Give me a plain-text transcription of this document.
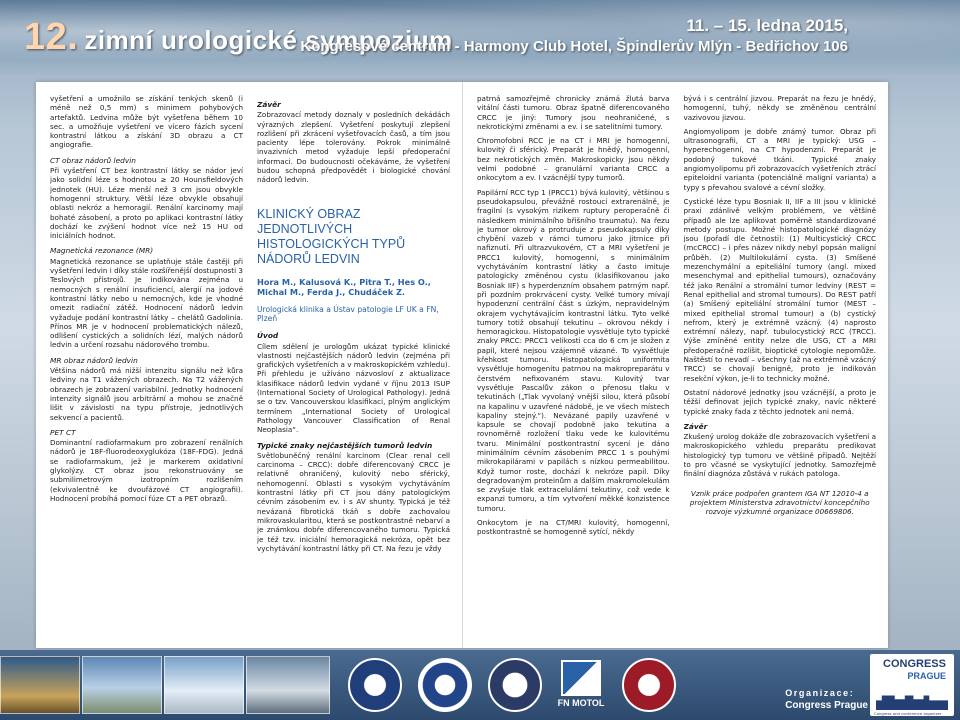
12. zimní urologické sympozium	11. – 15. ledna 2015,
Kongresové centrum - Harmony Club Hotel, Špindlerův Mlýn - Bedřichov 106

vyšetření a umožnilo se získání tenkých skenů (i méně než 0,5 mm) s minimem pohybových artefaktů. Ledvina může být vyšetřena během 10 sec. a umožňuje vyšetření ve vícero fázích sycení kontrastní látkou a získání 3D obrazu a CT angiografie.

CT obraz nádorů ledvin

Při vyšetření CT bez kontrastní látky se nádor jeví jako solidní léze s hodnotou ≥ 20 Hounsfieldových jednotek (HU). Léze menší než 3 cm jsou obvykle homogenní struktury. Větší léze obvykle obsahují oblasti nekróz a hemoragií. Renální karcinomy mají bohaté zásobení, a proto po aplikaci kontrastní látky dochází ke zvýšení hodnot více než 15 HU od iniciálních hodnot.

Magnetická rezonance (MR)

Magnetická rezonance se uplatňuje stále častěji při vyšetření ledvin i díky stále rozšířenější dostupnosti 3 Teslových přístrojů. Je indikována zejména u nemocných s renální insuficiencí, alergií na jodové kontrastní látky nebo u nemocných, kde je vhodné omezit radiační zátěž. Hodnocení nádorů ledvin vyžaduje podání kontrastní látky – chelátů Gadolinia. Přínos MR je v hodnocení problematických nálezů, odlišení cystických a solidních lézí, malých nádorů ledvin a určení rozsahu nádorového trombu.

MR obraz nádorů ledvin

Většina nádorů má nižší intenzitu signálu než kůra ledviny na T1 vážených obrazech. Na T2 vážených obrazech je zobrazení variabilní. Jednotky hodnocení intenzity signálů jsou arbitrární a mohou se značně lišit v závislosti na typu přístroje, jednotlivých sekvencí a pacientů.

PET CT

Dominantní radiofarmakum pro zobrazení renálních nádorů je 18F-fluorodeoxyglukóza (18F-FDG). Jedná se radiofarmakum, jež je markerem oxidativní glykolýzy. CT obraz jsou rekonstruovány se submilimetrovým izotropním rozlišením (ekvivalentně ke dvoufázové CT angiografii). Hodnocení probíhá pomocí fúze CT a PET obrazů.

Závěr

Zobrazovací metody doznaly v posledních dekádách výrazných zlepšení. Vyšetření poskytují zlepšení rozlišení při zkrácení vyšetřovacích časů, a tím jsou pacienty lépe tolerovány. Pokrok minimálně invazivních metod vyžaduje lepší předoperační informaci. Do budoucnosti očekáváme, že vyšetření budou schopná předpovědět i biologické chování nádorů ledvin.

KLINICKÝ OBRAZ JEDNOTLIVÝCH HISTOLOGICKÝCH TYPŮ NÁDORŮ LEDVIN
Hora M., Kalusová K., Pitra T., Hes O., Michal M., Ferda J., Chudáček Z.
Urologická klinika a Ústav patologie LF UK a FN, Plzeň
Úvod

Cílem sdělení je urologům ukázat typické klinické vlastnosti nejčastějších nádorů ledvin (zejména při grafických vyšetřeních a v makroskopickém vzhledu). Při přehledu je užíváno názvosloví z aktualizace klasifikace nádorů ledvin vydané v říjnu 2013 ISUP (International Society of Urological Pathology). Jedná se o tzv. Vancouverskou klasifikaci, plným anglickým termínem „International Society of Urological Pathology Vancouver Classification of Renal Neoplasia“.

Typické znaky nejčastějších tumorů ledvin

Světlobuněčný renální karcinom (Clear renal cell carcinoma – CRCC): dobře diferencovaný CRCC je relativně ohraničený, kulovitý nebo sférický, nehomogenní. Oblasti s vysokým vychytáváním kontrastní látky při CT jsou dány patologickým cévním zásobením ev. i s AV shunty. Typická je též nevázaná fibrotická tkáň s dobře zachovalou mikrovaskularitou, která se postkontrastně nebarví a je známkou dobře diferencovaného tumoru. Typická je též tzv. iniciální hemoragická nekróza, opět bez vychytávání kontrastní látky při CT. Na řezu je vždy

patrná samozřejmě chronicky známá žlutá barva vitální části tumoru. Obraz špatně diferencovaného CRCC je jiný: Tumory jsou neohraničené, s nekrotickými změnami a ev. i se satelitními tumory.

Chromofobní RCC je na CT i MRI je homogenní, kulovitý či sférický. Preparát je hnědý, homogenní, bez nekrotických změn. Makroskopicky jsou někdy velmi podobné – granulární varianta CRCC a onkocytom a ev. I vzácnější typy tumorů.

Papilární RCC typ 1 (PRCC1) bývá kulovitý, většinou s pseudokapsulou, převážně rostoucí extrarenálně, je fragilní (s vysokým rizikem ruptury peroperačně či následkem minimálního břišního traumatu). Na řezu je tumor okrový a protruduje z pseudokapsuly díky chybění vazeb v rámci tumoru jako jitrnice při nafiznutí. Při ultrazvukovém, CT a MRI vyšetření je PRCC1 kulovitý, homogenní, s minimálním vychytáváním kontrastní látky a často imituje patologicky změněnou cystu (klasifikovanou jako Bosniak IIF) s hyperdenzním obsahem patrným např. při pozdním prokrvácení cysty. Velké tumory mívají hypodenzní centrální část s úzkým, nepravidelným okrajem vychytávajícím kontrastní látku. Tyto velké tumory totiž obsahují tekutinu – okrovou nékdy i hemoragickou. Histopatologie vysvětluje tyto typické znaky PRCC: PRCC1 velikosti cca do 6 cm je složen z papil, které nejsou vzájemně vázané. To vysvětluje křehkost tumoru. Histopatologická uniformita vysvětluje homogenitu patrnou na makropreparátu v čerstvém nefixovaném stavu. Kulovitý tvar vysvětluje Pascalův zákon o přenosu tlaku v tekutinách („Tlak vyvolaný vnější silou, která působí na kapalinu v uzavřené nádobě, je ve všech místech kapaliny stejný.“). Nevázané papily uzavřené v kapsule se chovají podobně jako tekutina a rovnoměrně rozložení tlaku vede ke kulovitému tvaru. Minimální postkontrastní sycení je dáno minimálním cévním zásobením PRCC 1 s pouhými mikrokapilárami v papilách s nízkou permeabilitou. Když tumor roste, dochází k nekróze papil. Díky degradovaným proteinům a dalším makromolekulám se zvyšuje tlak extracelulární tekutiny, což vede k expanzi tumoru, a tím vytvoření měkké konzistence tumoru.

Onkocytom je na CT/MRI kulovitý, homogenní, postkontrastně se homogenně sytící, někdy

bývá i s centrální jizvou. Preparát na řezu je hnědý, homogenní, tuhý, někdy se změněnou centrální vazivovou jizvou.

Angiomyolipom je dobře známý tumor. Obraz při ultrasonografii, CT a MRI je typický: USG – hyperechogenní, na CT hypodenzní. Preparát je podobný tukové tkáni. Typické znaky angiomyolipomu při zobrazovacích vyšetřeních ztrácí epiteloidní varianta (potenciálně maligní varianta) a typy s převahou svalové a cévní složky.

Cystické léze typu Bosniak II, IIF a III jsou v klinické praxi zdánlivě velkým problémem, ve většině případů ale lze aplikovat poměrně standardizované metody postupu. Možné histopatologické diagnózy jsou (pořadí dle četnosti): (1) Multicystický CRCC (mcCRCC) – i přes název nikdy nebyl popsán maligní průběh. (2) Multilokulární cysta. (3) Smíšené mezenchymální a epiteliální tumory (angl. mixed mesenchymal and epithelial tumours), označovány též jako Renální a stromální tumor ledviny (REST = Renal epithelial and stromal tumours). Do REST patří (a) Smíšený epiteliální stromální tumor (MEST – mixed epithelial stromal tumour) a (b) cystický nefrom, který je extrémně vzácný. (4) naprosto extrémní nálezy, např. tubulocystický RCC (TRCC). Výše zmíněné entity nelze dle USG, CT a MRI předoperačně rozlišit, bioptické cytologie nepomůže. Naštěstí to nevadí – všechny (až na extrémně vzácný TRCC) se chovají benigně, proto je indikován resekční výkon, je-li to technicky možné.

Ostatní nádorové jednotky jsou vzácnější, a proto je těžší definovat jejich typické znaky, navíc některé typické znaky fada z těchto jednotek ani nemá.

Závěr

Zkušený urolog dokáže dle zobrazovacích vyšetření a makroskopického vzhledu preparátu predikovat histologický typ tumoru ve většině případů. Nejtěží to pro včasné se vyskytující jednotky. Samozřejmě finální diagnóza zůstává v rukách patologa.

Vznik práce podpořen grantem IGA NT 12010-4 a projektem Ministerstva zdravotnictví koncepčního rozvoje výzkumné organizace 00669806.

FN MOTOL
Organizace:
Congress Prague
CONGRESS
PRAGUE
Congress and conference organizer
